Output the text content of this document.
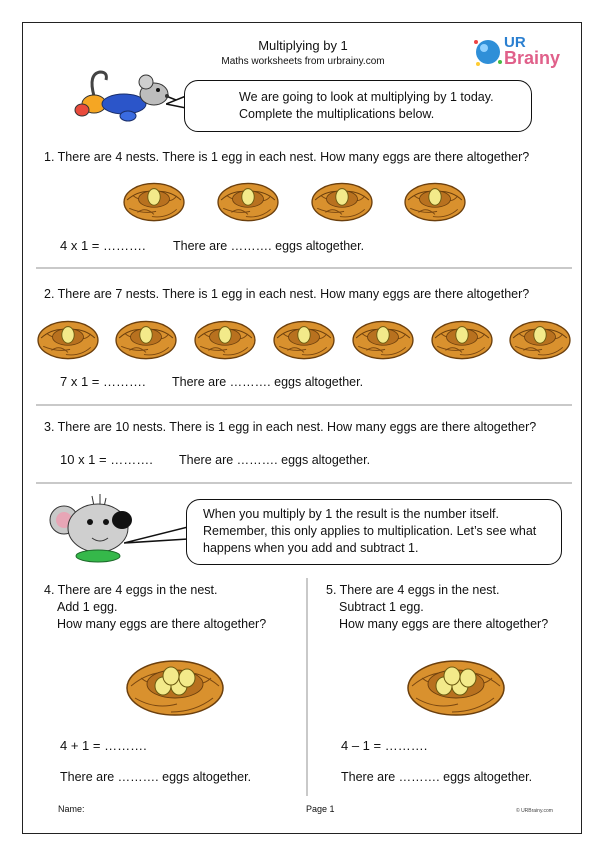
Multiplying by 1
Maths worksheets from urbrainy.com
UR
Brainy
We are going to look at multiplying by 1 today.
Complete the multiplications below.
1. There are 4 nests. There is 1 egg in each nest. How many eggs are there altogether?
4 x 1 = ………. There are ………. eggs altogether.
2. There are 7 nests. There is 1 egg in each nest. How many eggs are there altogether?
7 x 1 = ………. There are ………. eggs altogether.
3. There are 10 nests. There is 1 egg in each nest. How many eggs are there altogether?
10 x 1 = ………. There are ………. eggs altogether.
When you multiply by 1 the result is the number itself.
Remember, this only applies to multiplication. Let’s see what
happens when you add and subtract 1.
4. There are 4 eggs in the nest.
Add 1 egg.
How many eggs are there altogether?
4 + 1 = ……….
There are ………. eggs altogether.
5. There are 4 eggs in the nest.
Subtract 1 egg.
How many eggs are there altogether?
4 – 1 = ……….
There are ………. eggs altogether.
Name:	Page 1	© URBrainy.com
